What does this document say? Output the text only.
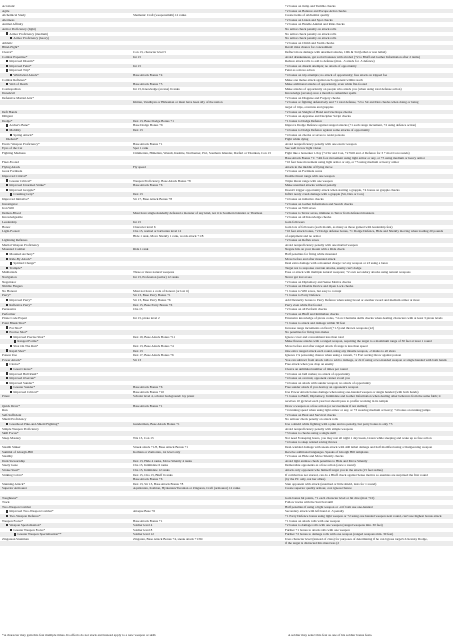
Acrobatic	+2 bonus on Jump and Tumble checks
Agile	+2 bonus on Balance and Escape Artist checks
Alchemical Study	Shamanic Craft (weaponsmith) 12 ranks	Create items of Alchemist quality
Alertness	+2 bonus on Listen and Spot checks
Animal Affinity	+2 bonus on Handle Animal and Ride checks
Armor Proficiency (light)	No armor check penalty on attack rolls
Armor Proficiency (medium)	No armor check penalty on attack rolls
Armor Proficiency (heavy)	No armor check penalty on attack rolls
Athletic	+2 bonus on Climb and Swim checks
Blind-Fight*	Reroll miss chance for concealment
Cleave*	Con 13, character level 5	Deflect more damage with unarmed attacks, 10th & 3rd (lethal or non lethal)
Combat Expertise*	Int 13	Avoid drunkenness, get social bonuses with alcohol (+2 to Bluff and Gather Information after 2 items)
Improved Disarm*	Reduce attack rolls to add to defense (max. -5 attack for -5 defence)
Improved Feint*	Int 13	+4 bonus on disarm attempts; no attack of opportunity
Improved Trip*	Feint as a move action
Whirlwind Attack*	Base Attack Bonus +4	+4 bonus on trip attempts; no attack of opportunity; free attack on tripped foe
Combat Reflexes*	Make one melee attack against each opponent within reach
Web of Death	Base Attack Bonus +5	Make additional attacks of opportunity, even while flat-footed
Cosmopolitan	Int 13, Knowledge (arcana) 6 ranks	Make attacks of opportunity on people who attack you (when using total defense action)
Daredevil	Knowledge (arcana) once a month to remember spells
Defensive Martial Arts*	+2 bonus on Disguise and Forgery checks
Khitan, Vendhyan or Hirkanian or must have been ally of the nation	+2 bonus or fighting defensively and +1 total defense, +2 to Str and Dex checks when doing or being
target of trips, overruns and grapples
Deft Hands	+2 bonus on Sleight of Hand and Use Rope checks
Diligent	+2 bonus on Appraise and Decipher Script checks
Dodge*	Dex 13, Base Dodge Bonus +1	+1 bonus to Dodge Defence
Archer's Bane*	Base Dodge Bonus +6	Improve Dodge Defence against ranged attacks (+1 each range increment, +2 using defence action)
Mobility	Dex 13	+4 bonus to Dodge Defence against some attacks of opportunity
Spring Attack*	+4 bonus on checks or saves to resist poisons
Diehard*	Fight while dying
Exotic Weapon Proficiency*	Base Attack Bonus +1	Avoid nonproficiency penalty with one exotic weapon
Eyes of the Cat	Spot 1 rank	See well in low light vision
Fighting Madness	Cimmerian, Himelian, Wazuli, Kushite, Northerner, Pict, Southern Islander, Darfari or Tharikan, Con 13	Fight like a berserker 1/day (+4 Str and Con, +2 Will and -2 Defence for 3 + mod Con rounds)
Base Attack Bonus +1: +4th foot movement using light armor or any, or +5 using medium or heavy armor
Fleet-Footed	+10 feet base movement using light armor or any, or +5 using medium or heavy armor
Flying Attack	Fly speed	Attack in the middle of flying move
Great Fortitude	+2 bonus on Fortitude saves
Improved Critical*	Double threat range with one weapon
Greater Critical*	Weapon Proficiency, Base Attack Bonus +8	Triple threat range with one weapon
Improved Unarmed Strike*	Base Attack Bonus +6	Make unarmed attacks without penalty
Improved Grapple*	Doesn't trigger opportunity attack when starting a grapple, +4 bonus on grapple checks
Crushing Grip*	Dex 13	Inflict nonly crush damage with a grapple (Str, Dex or Con)
Improved Initiative*	Str 17, Base Attack Bonus +8	+4 bonus on initiative checks
Investigator	+2 bonus on Gather Information and Search checks
Iron Will	+2 bonus on Will saves
Demon-Blood	Must have single-handedly defeated a monster of any kind, not it is Southern Islander or Tharikan	+2 bonus to Terror saves, immune to Terror from defeated monsters
Knowledgeable	+2 bonus on all Knowledge checks
Leadership	Int 13	Gain followers
Honor	Character level 6	Gain lots of followers (each month, as many as those gained with leadership feat)
Light-Footed	Cha 13, nomad or barbarian level 12	+10 feet attack bonus, +2 Dodge defense bonus, +1 Dodge Defence, Hide and Silently moving when loading 20 pounds
Hide 1 rank, Move Silently 1 rank, words attack +1/8	of equipment and no armor
Lightning Reflexes	+2 bonus on Reflex saves
Martial Weapon Proficiency	Avoid nonproficiency penalty with one martial weapon
Mounted Combat	Ride 1 rank	Negate hits on your mount with a Ride check
Mounted Archery*	Half penalties for firing while mounted
Ride-By Attack*	Move before and after mounted attack
Spirited Charge*	Deal extra damage with a mounted charge: x2 any weapon or x3 using a lance
Trample*	Target not to response overrun attacks, enemy can't dodge
Multiattack	Three or more natural weapons	Ease or attack with multiple natural weapons; +2 own secondary attacks using natural weapons
Navigation	Int 13, Profession (sailor) 12 ranks	Never get lost at sea
Negotiator	+2 bonus on Diplomacy and Sense Motive checks
Nimble Fingers	+2 bonus on Disable Device and Open Lock checks
No Honour	Must not have a code of honour (or lost it)	+1 bonus to Will saves, but easy to corrupt
Parry*	Str 13, Base Parry Bonus +1	+1 bonus to Parry Defence
Improved Parry*	Str 13, Base Parry Bonus +6	Add Dexterity bonus to Parry Defence when using broad or another sword and medium armor at most
Reflexive Parry*	Dex 15, Base Parry Bonus +6	Parry even while flat footed
Persuasive	Cha 13	+2 bonus on all Perform checks
Performer	+2 bonus on Bluff and Intimidate checks
Pirate Code Expert	Int 13, pirate level 2	Extensive knowledge of pirate codes, +4 on Charisma skills checks when dealing characters with at least 3 pirate levels
Point Blank Shot*	+1 bonus to attack and damage within 30 feet
Far Shot*	Increase range increments on fired (+1.5) and thrown weapons (x2)
Precise Shot*	No penalties for firing into melee
Improved Precise Shot*	Dex 19, Base Attack Bonus +11	Ignore cover and concealment less than total
Ranged Forms*	Make finesse attacks with a ranged weapon, requiring the target to a maximum range of 30 feet at least 1 round
Shot On The Run*	Dex 13, Base Attack Bonus +4	Move before and after ranged attack if range is less than speed
Rapid Shot*	Dex 13	One extra ranged attack each round, using any missile weapon, -2 malus to all shots
Poison Use	Dex 17, Base Attack Bonus +6	Ignores 1% poisoning chance when using a venom, +1 Fort saving throw against poison
Power Attack*	Str 13	You can subtract from attack rolls to add to damage, or 2x if using a two-handed weapon or single handed with both hands
Cleave*	Free attack when you drop an enemy
Great Cleave*	Cleave an unlimited number of times per round
Improved Bull Rush*	+4 bonus on bull rushes; no attack of opportunity
Improved Overrun*	+4 bonus on overrun; opponent cannot avoid you
Improved Sunder*	+4 bonus on attack with sunder weapon; no attack of opportunity
Greater Sunder*	Base Attack Bonus +6	Free sunder attack if you destroy an opponent's weapon
Improved Critical*	Base Attack Bonus +10	Use Power Attack bonus damage when using one-handed weapon or single handed (with both hands)
Priest	Scholar level 4, scholar background: lay priest	+1 bonus to Bluff, Diplomacy, Intimidate and Gather Information when dealing other believers from the same faith; it
receives 10 gp/level each year but should pass to proffer working in its temple
Quick Draw*	Base Attack Bonus +1	Draw a weapon as a free action (or recoverment if not skilled)
Run	+4 running speed when using light armor or any, or +3 wearing medium or heavy; +4 bonus on running jumps
Self-Sufficient	+2 bonus on Heal and Survival checks
Shield Proficiency	No armour check penalty on attack rolls
Greathood Pike-and-Shield Fighting*	Gunderman, Base Attack Bonus +1	Use a shield while fighting with a pike and no penalty, but parry bonus is only +3
Simple Weapon Proficiency	Avoid nonproficiency penalty with simple weapons
Skill Focus*	+3 bonus to checks using a single skill
Sleep Mastery	Wis 13, Con 13	Not need 8 sleeping hours, you may rest all night 1 day/week, Listen while sleeping and wake up as free action
+4 bonus to sleep related saving throws
Stealth Sinker	Streek attack +1/8, Base Attack Bonus +1	Deal-wielded damage with sneak attack with 4d6 lethal damage and half modified using a bludgeoning weapon
Summit of Ghorgh-Hill	Kothian or Zamorian, 1st level only	Receive additional languages. Speaks of Ghorgh Hill templates
Stealthy	+2 bonus on Hide and Move Silently checks
Dark Stewartship	Dex 13, Hide 4 ranks, Move Silently 4 ranks	Avoid light antitree check penalties to Hide and Move Silently
Steely Gaze	Cha 13, Intimidate 6 ranks	Demoralize opponents as a free action (once a round)
Stroke Steel*	Cha 13, Intimidate 12 ranks	Attack only opponent who himself target you in the attack (15 feet radius)
Striking Cobra*	Dex 15, Cha 13, Bluff 6 ranks	If combat has not started, can do a Bluff check against Sense motive so enemies are surprised the first round
Base Attack Bonus +6	(by the PC only, not her allies)
Stunning Attack*	Dex 13, Str 13, Base Attack Bonus +8	Stun opponent with attack (unarmed or little shield, lasts for 1 round)
Superior Armourer	Aquilonian, Kothian, Hyrkanian/Turanian or Zingaran, Craft (armourer) 12 ranks	Create superior quality armour, cost ignore/chance
Toughness*	Gain bonus hit points, +1 each character level or hit dice (max +10)
Track	Follow tracks with the Survival skill
Two-Weapon Combat	Half penalties if using a light weapon or -4 if both use one-handed
Improved Two-Weapon Combat*	Attaque Base +6	Secondary attack with left hand at -5 penalty
Two-Weapon Defence*	+1 Parry Defence bonus using light weapon or +2 using one handed weapon next round, can't use highest bonus attack
Weapon Focus*	Base Attack Bonus +1	+1 bonus on attack rolls with one weapon
Weapon Specialisation*	Soldier level 4	+2 bonus to damage rolls with one weapon (ranged weapons min. 30 feet)
Greater Weapon Focus*	Soldier level 8	Further +1 bonus to attack rolls with one weapon
Greater Weapon Specialisation**	Soldier level 12	Further +2 bonus to damage rolls with one weapon (ranged weapons min. 30 feet)
Zingarean Stuntman	Zingaran, Base Attack Bonus +4, sneak attack +1/8d	Uses character level (instead of class) for purposes of determining if he can bypass target's Uncanny Dodge,
if the target is distracted this must less (2
*A character may gain this feat multiple times. Its effects do not stack and instead apply to a new weapon or skill.	A soldier may select this feat as one of his soldier bonus feats.
